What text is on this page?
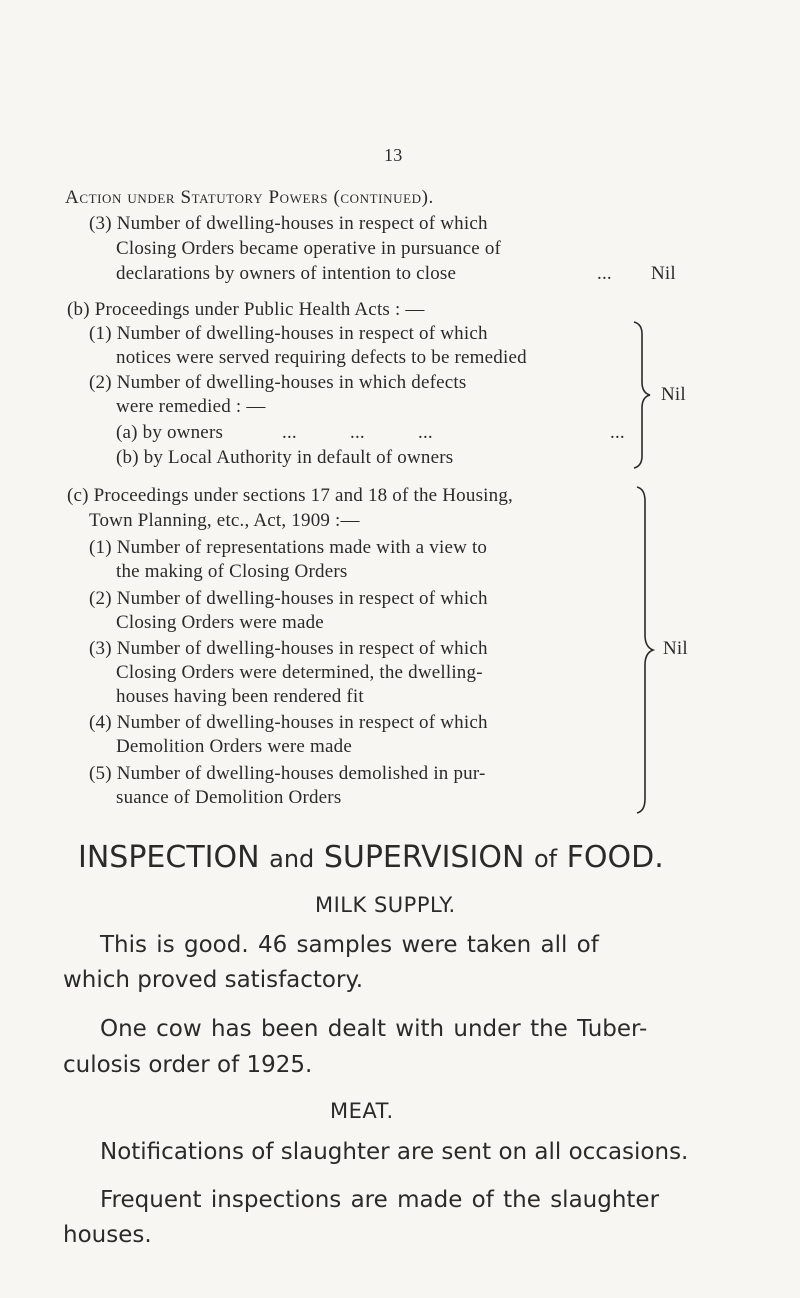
13
Action under Statutory Powers (continued).
(3) Number of dwelling-houses in respect of which
Closing Orders became operative in pursuance of
declarations by owners of intention to close	... Nil
(b) Proceedings under Public Health Acts : —
(1) Number of dwelling-houses in respect of which
notices were served requiring defects to be remedied
(2) Number of dwelling-houses in which defects
were remedied : —
(a) by owners	...	...	...	...
(b) by Local Authority in default of owners
Nil
(c) Proceedings under sections 17 and 18 of the Housing,
Town Planning, etc., Act, 1909 :—
(1) Number of representations made with a view to
the making of Closing Orders
(2) Number of dwelling-houses in respect of which
Closing Orders were made
(3) Number of dwelling-houses in respect of which
Closing Orders were determined, the dwelling-
houses having been rendered fit
(4) Number of dwelling-houses in respect of which
Demolition Orders were made
(5) Number of dwelling-houses demolished in pur-
suance of Demolition Orders
Nil
INSPECTION and SUPERVISION of FOOD.
MILK SUPPLY.
This is good. 46 samples were taken all of
which proved satisfactory.
One cow has been dealt with under the Tuber-
culosis order of 1925.
MEAT.
Notifications of slaughter are sent on all occasions.
Frequent inspections are made of the slaughter
houses.
